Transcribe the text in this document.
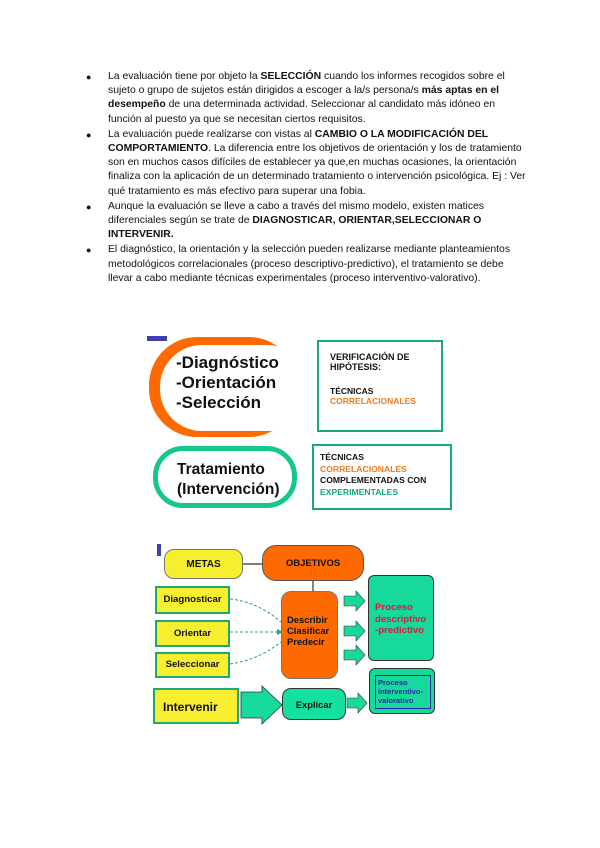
● La evaluación tiene por objeto la SELECCIÓN cuando los informes recogidos sobre el sujeto o grupo de sujetos están dirigidos a escoger a la/s persona/s más aptas en el desempeño de una determinada actividad. Seleccionar al candidato más idóneo en función al puesto ya que se necesitan ciertos requisitos.
● La evaluación puede realizarse con vistas al CAMBIO O LA MODIFICACIÓN DEL COMPORTAMIENTO. La diferencia entre los objetivos de orientación y los de tratamiento son en muchos casos difíciles de establecer ya que,en muchas ocasiones, la orientación finaliza con la aplicación de un determinado tratamiento o intervención psicológica. Ej : Ver qué tratamiento es más efectivo para superar una fobia.
● Aunque la evaluación se lleve a cabo a través del mismo modelo, existen matices diferenciales según se trate de DIAGNOSTICAR, ORIENTAR,SELECCIONAR O INTERVENIR.
● El diagnóstico, la orientación y la selección pueden realizarse mediante planteamientos metodológicos correlacionales (proceso descriptivo-predictivo), el tratamiento se debe llevar a cabo mediante técnicas experimentales (proceso interventivo-valorativo).
-Diagnóstico
-Orientación
-Selección
VERIFICACIÓN DE HIPÓTESIS:
TÉCNICAS
CORRELACIONALES
Tratamiento
(Intervención)
TÉCNICAS
CORRELACIONALES
COMPLEMENTADAS CON
EXPERIMENTALES
METAS	OBJETIVOS
Diagnosticar
Orientar
Seleccionar
Describir
Clasificar
Predecir
Intervenir	Explicar
Proceso
descriptivo
-predictivo
Proceso
interventivo-
valorativo
